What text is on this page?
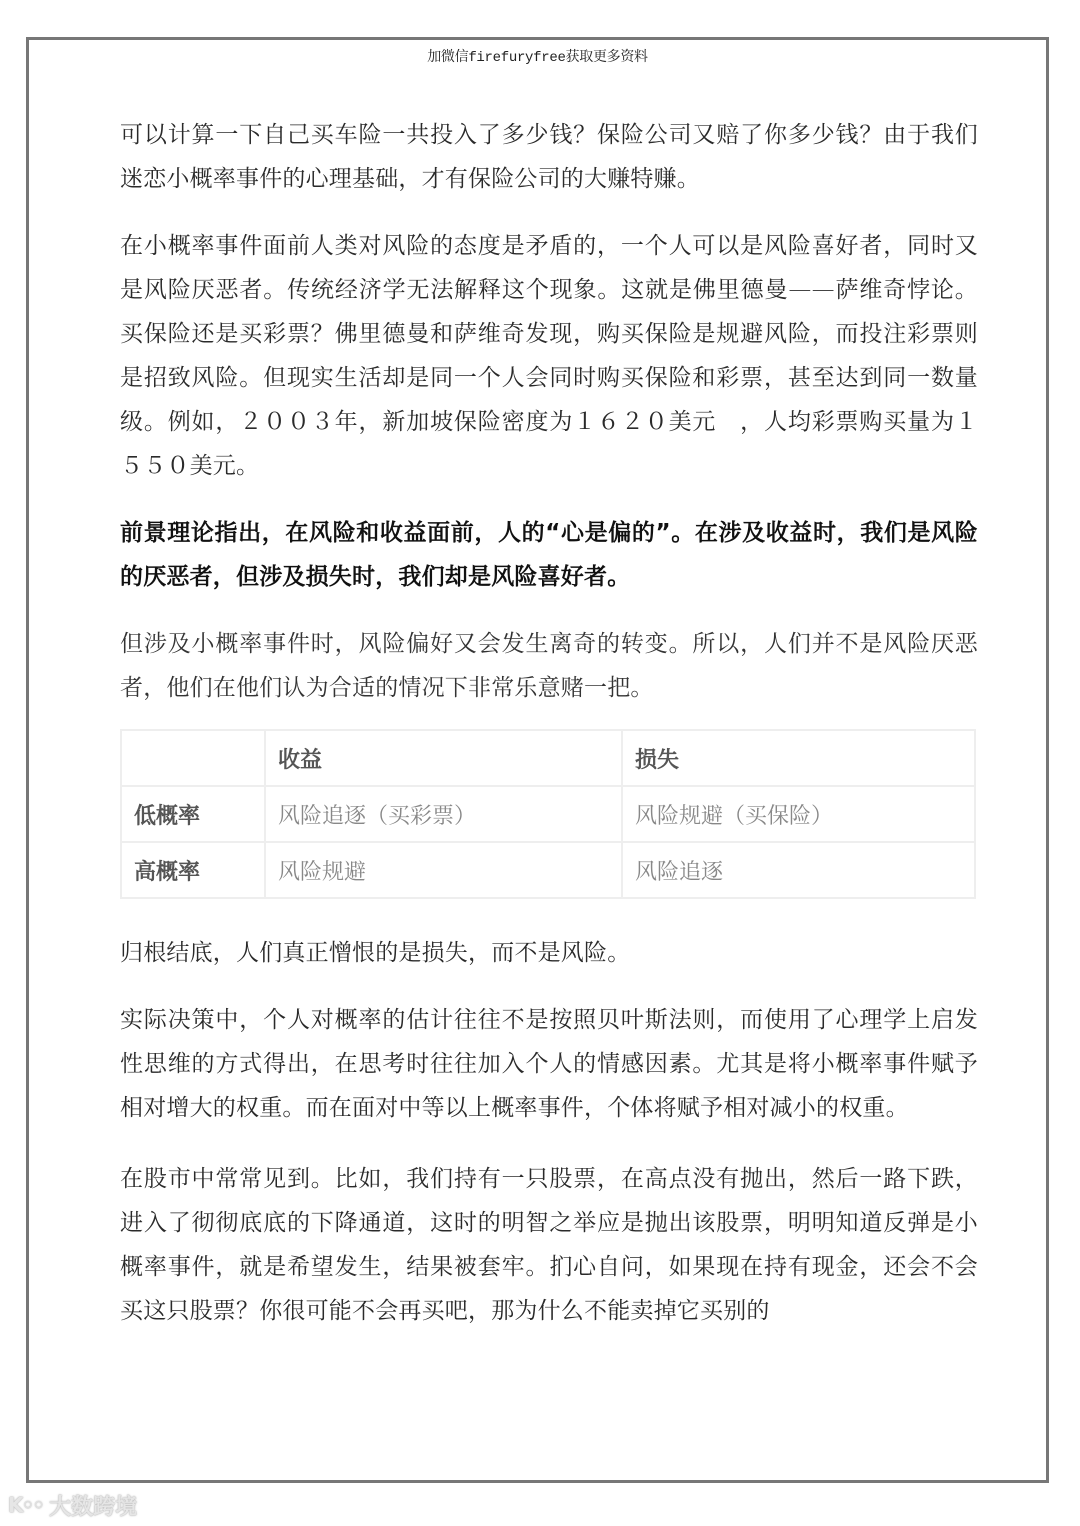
加微信firefuryfree获取更多资料

可以计算一下自己买车险一共投入了多少钱？保险公司又赔了你多少钱？由于我们迷恋小概率事件的心理基础，才有保险公司的大赚特赚。

在小概率事件面前人类对风险的态度是矛盾的，一个人可以是风险喜好者，同时又是风险厌恶者。传统经济学无法解释这个现象。这就是佛里德曼——萨维奇悖论。买保险还是买彩票？佛里德曼和萨维奇发现，购买保险是规避风险，而投注彩票则是招致风险。但现实生活却是同一个人会同时购买保险和彩票，甚至达到同一数量级。例如，２００３年，新加坡保险密度为１６２０美元　，人均彩票购买量为１５５０美元。

前景理论指出，在风险和收益面前，人的“心是偏的”。在涉及收益时，我们是风险的厌恶者，但涉及损失时，我们却是风险喜好者。

但涉及小概率事件时，风险偏好又会发生离奇的转变。所以，人们并不是风险厌恶者，他们在他们认为合适的情况下非常乐意赌一把。

	收益	损失
低概率	风险追逐（买彩票）	风险规避（买保险）
高概率	风险规避	风险追逐

归根结底，人们真正憎恨的是损失，而不是风险。

实际决策中，个人对概率的估计往往不是按照贝叶斯法则，而使用了心理学上启发性思维的方式得出，在思考时往往加入个人的情感因素。尤其是将小概率事件赋予相对增大的权重。而在面对中等以上概率事件，个体将赋予相对减小的权重。

在股市中常常见到。比如，我们持有一只股票，在高点没有抛出，然后一路下跌，进入了彻彻底底的下降通道，这时的明智之举应是抛出该股票，明明知道反弹是小概率事件，就是希望发生，结果被套牢。扪心自问，如果现在持有现金，还会不会买这只股票？你很可能不会再买吧，那为什么不能卖掉它买别的

K◦◦ 大数跨境
